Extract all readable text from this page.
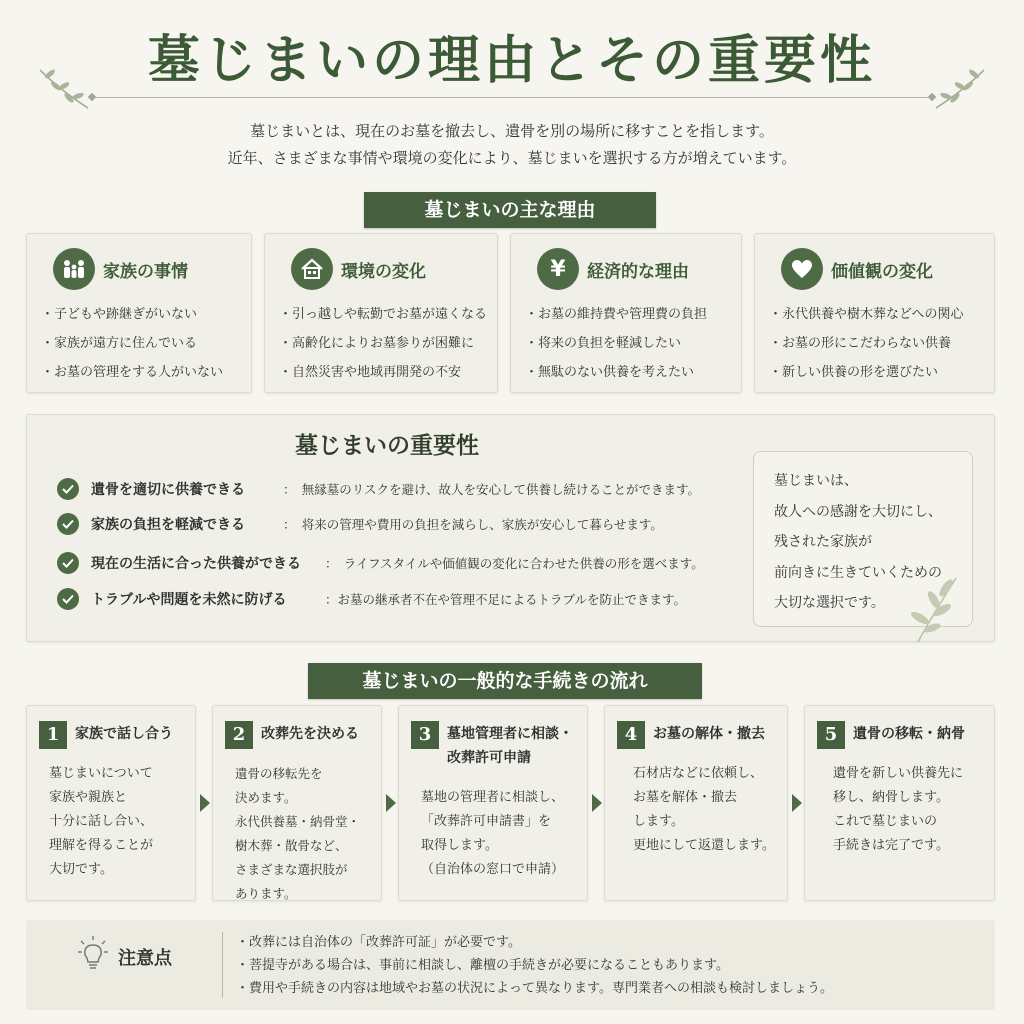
墓じまいの理由とその重要性
墓じまいとは、現在のお墓を撤去し、遺骨を別の場所に移すことを指します。
近年、さまざまな事情や環境の変化により、墓じまいを選択する方が増えています。
墓じまいの主な理由
家族の事情
・ 子どもや跡継ぎがいない
・ 家族が遠方に住んでいる
・ お墓の管理をする人がいない
環境の変化
・ 引っ越しや転勤でお墓が遠くなる
・ 高齢化によりお墓参りが困難に
・ 自然災害や地域再開発の不安
¥ 経済的な理由
・ お墓の維持費や管理費の負担
・ 将来の負担を軽減したい
・ 無駄のない供養を考えたい
価値観の変化
・ 永代供養や樹木葬などへの関心
・ お墓の形にこだわらない供養
・ 新しい供養の形を選びたい
墓じまいの重要性
遺骨を適切に供養できる	：　無縁墓のリスクを避け、故人を安心して供養し続けることができます。
家族の負担を軽減できる	：　将来の管理や費用の負担を減らし、家族が安心して暮らせます。
現在の生活に合った供養ができる ：　ライフスタイルや価値観の変化に合わせた供養の形を選べます。
トラブルや問題を未然に防げる	：お墓の継承者不在や管理不足によるトラブルを防止できます。
墓じまいは、
故人への感謝を大切にし、
残された家族が
前向きに生きていくための
大切な選択です。
墓じまいの一般的な手続きの流れ
1	家族で話し合う
墓じまいについて
家族や親族と
十分に話し合い、
理解を得ることが
大切です。
2	改葬先を決める
遺骨の移転先を
決めます。
永代供養墓・納骨堂・
樹木葬・散骨など、
さまざまな選択肢が
あります。
3	墓地管理者に相談・
改葬許可申請
墓地の管理者に相談し、
「改葬許可申請書」を
取得します。
（自治体の窓口で申請）
4	お墓の解体・撤去
石材店などに依頼し、
お墓を解体・撤去
します。
更地にして返還します。
5	遺骨の移転・納骨
遺骨を新しい供養先に
移し、納骨します。
これで墓じまいの
手続きは完了です。
注意点
・ 改葬には自治体の「改葬許可証」が必要です。
・ 菩提寺がある場合は、事前に相談し、離檀の手続きが必要になることもあります。
・ 費用や手続きの内容は地域やお墓の状況によって異なります。専門業者への相談も検討しましょう。
